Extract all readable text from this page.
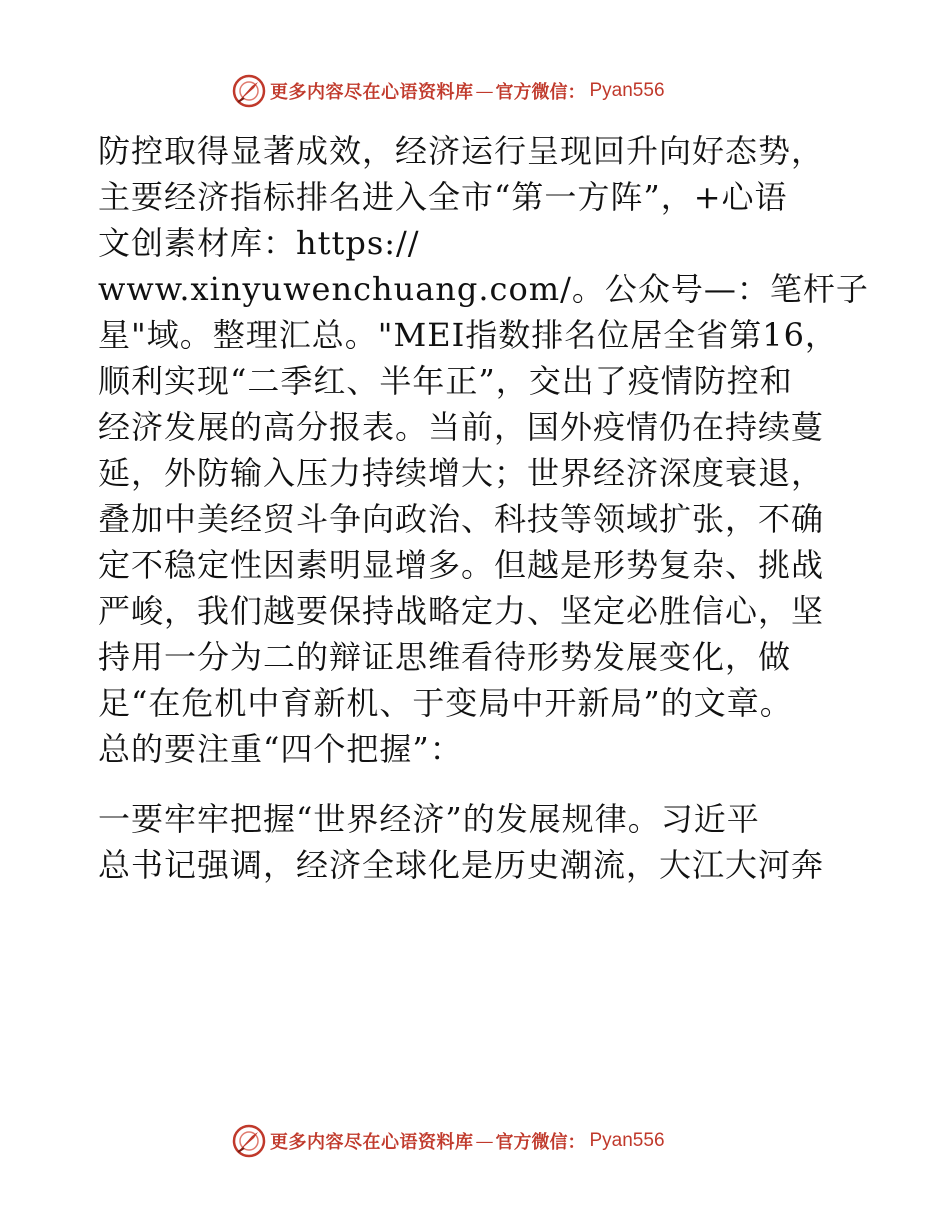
更多内容尽在心语资料库 — 官方微信： Pyan556
防控取得显著成效，经济运行呈现回升向好态势，
主要经济指标排名进入全市“第一方阵”，+心语
文创素材库：https://
www.xinyuwenchuang.com/。公众号—：笔杆子
星"域。整理汇总。"MEI指数排名位居全省第16，
顺利实现“二季红、半年正”，交出了疫情防控和
经济发展的高分报表。当前，国外疫情仍在持续蔓
延，外防输入压力持续增大；世界经济深度衰退，
叠加中美经贸斗争向政治、科技等领域扩张，不确
定不稳定性因素明显增多。但越是形势复杂、挑战
严峻，我们越要保持战略定力、坚定必胜信心，坚
持用一分为二的辩证思维看待形势发展变化，做
足“在危机中育新机、于变局中开新局”的文章。
总的要注重“四个把握”：
一要牢牢把握“世界经济”的发展规律。习近平
总书记强调，经济全球化是历史潮流，大江大河奔
更多内容尽在心语资料库 — 官方微信： Pyan556
